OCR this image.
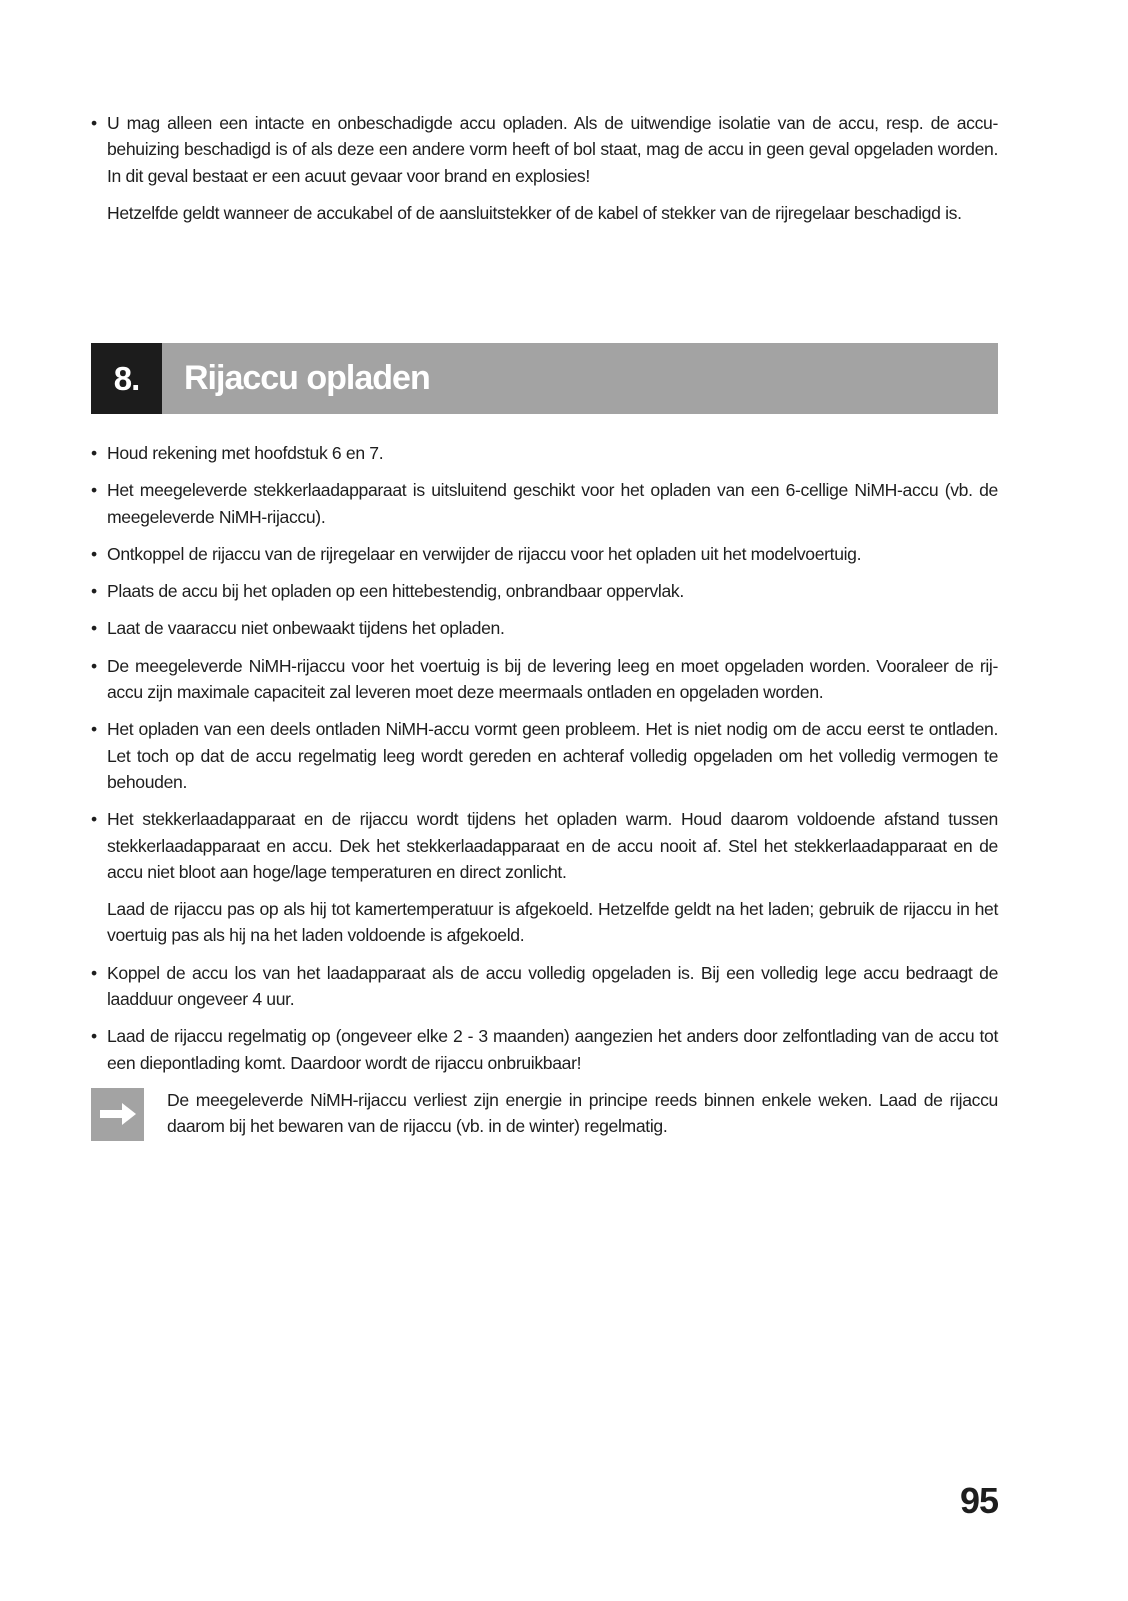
• U mag alleen een intacte en onbeschadigde accu opladen. Als de uitwendige isolatie van de accu, resp. de accu-behuizing beschadigd is of als deze een andere vorm heeft of bol staat, mag de accu in geen geval opgeladen worden. In dit geval bestaat er een acuut gevaar voor brand en explosies!
Hetzelfde geldt wanneer de accukabel of de aansluitstekker of de kabel of stekker van de rijregelaar beschadigd is.
8.	Rijaccu opladen
• Houd rekening met hoofdstuk 6 en 7.
• Het meegeleverde stekkerlaadapparaat is uitsluitend geschikt voor het opladen van een 6-cellige NiMH-accu (vb. de meegeleverde NiMH-rijaccu).
• Ontkoppel de rijaccu van de rijregelaar en verwijder de rijaccu voor het opladen uit het modelvoertuig.
• Plaats de accu bij het opladen op een hittebestendig, onbrandbaar oppervlak.
• Laat de vaaraccu niet onbewaakt tijdens het opladen.
• De meegeleverde NiMH-rijaccu voor het voertuig is bij de levering leeg en moet opgeladen worden. Vooraleer de rij-accu zijn maximale capaciteit zal leveren moet deze meermaals ontladen en opgeladen worden.
• Het opladen van een deels ontladen NiMH-accu vormt geen probleem. Het is niet nodig om de accu eerst te ontladen. Let toch op dat de accu regelmatig leeg wordt gereden en achteraf volledig opgeladen om het volledig vermogen te behouden.
• Het stekkerlaadapparaat en de rijaccu wordt tijdens het opladen warm. Houd daarom voldoende afstand tussen stekkerlaadapparaat en accu. Dek het stekkerlaadapparaat en de accu nooit af. Stel het stekkerlaadapparaat en de accu niet bloot aan hoge/lage temperaturen en direct zonlicht.
Laad de rijaccu pas op als hij tot kamertemperatuur is afgekoeld. Hetzelfde geldt na het laden; gebruik de rijaccu in het voertuig pas als hij na het laden voldoende is afgekoeld.
• Koppel de accu los van het laadapparaat als de accu volledig opgeladen is. Bij een volledig lege accu bedraagt de laadduur ongeveer 4 uur.
• Laad de rijaccu regelmatig op (ongeveer elke 2 - 3 maanden) aangezien het anders door zelfontlading van de accu tot een diepontlading komt. Daardoor wordt de rijaccu onbruikbaar!
De meegeleverde NiMH-rijaccu verliest zijn energie in principe reeds binnen enkele weken. Laad de rijaccu daarom bij het bewaren van de rijaccu (vb. in de winter) regelmatig.
95
